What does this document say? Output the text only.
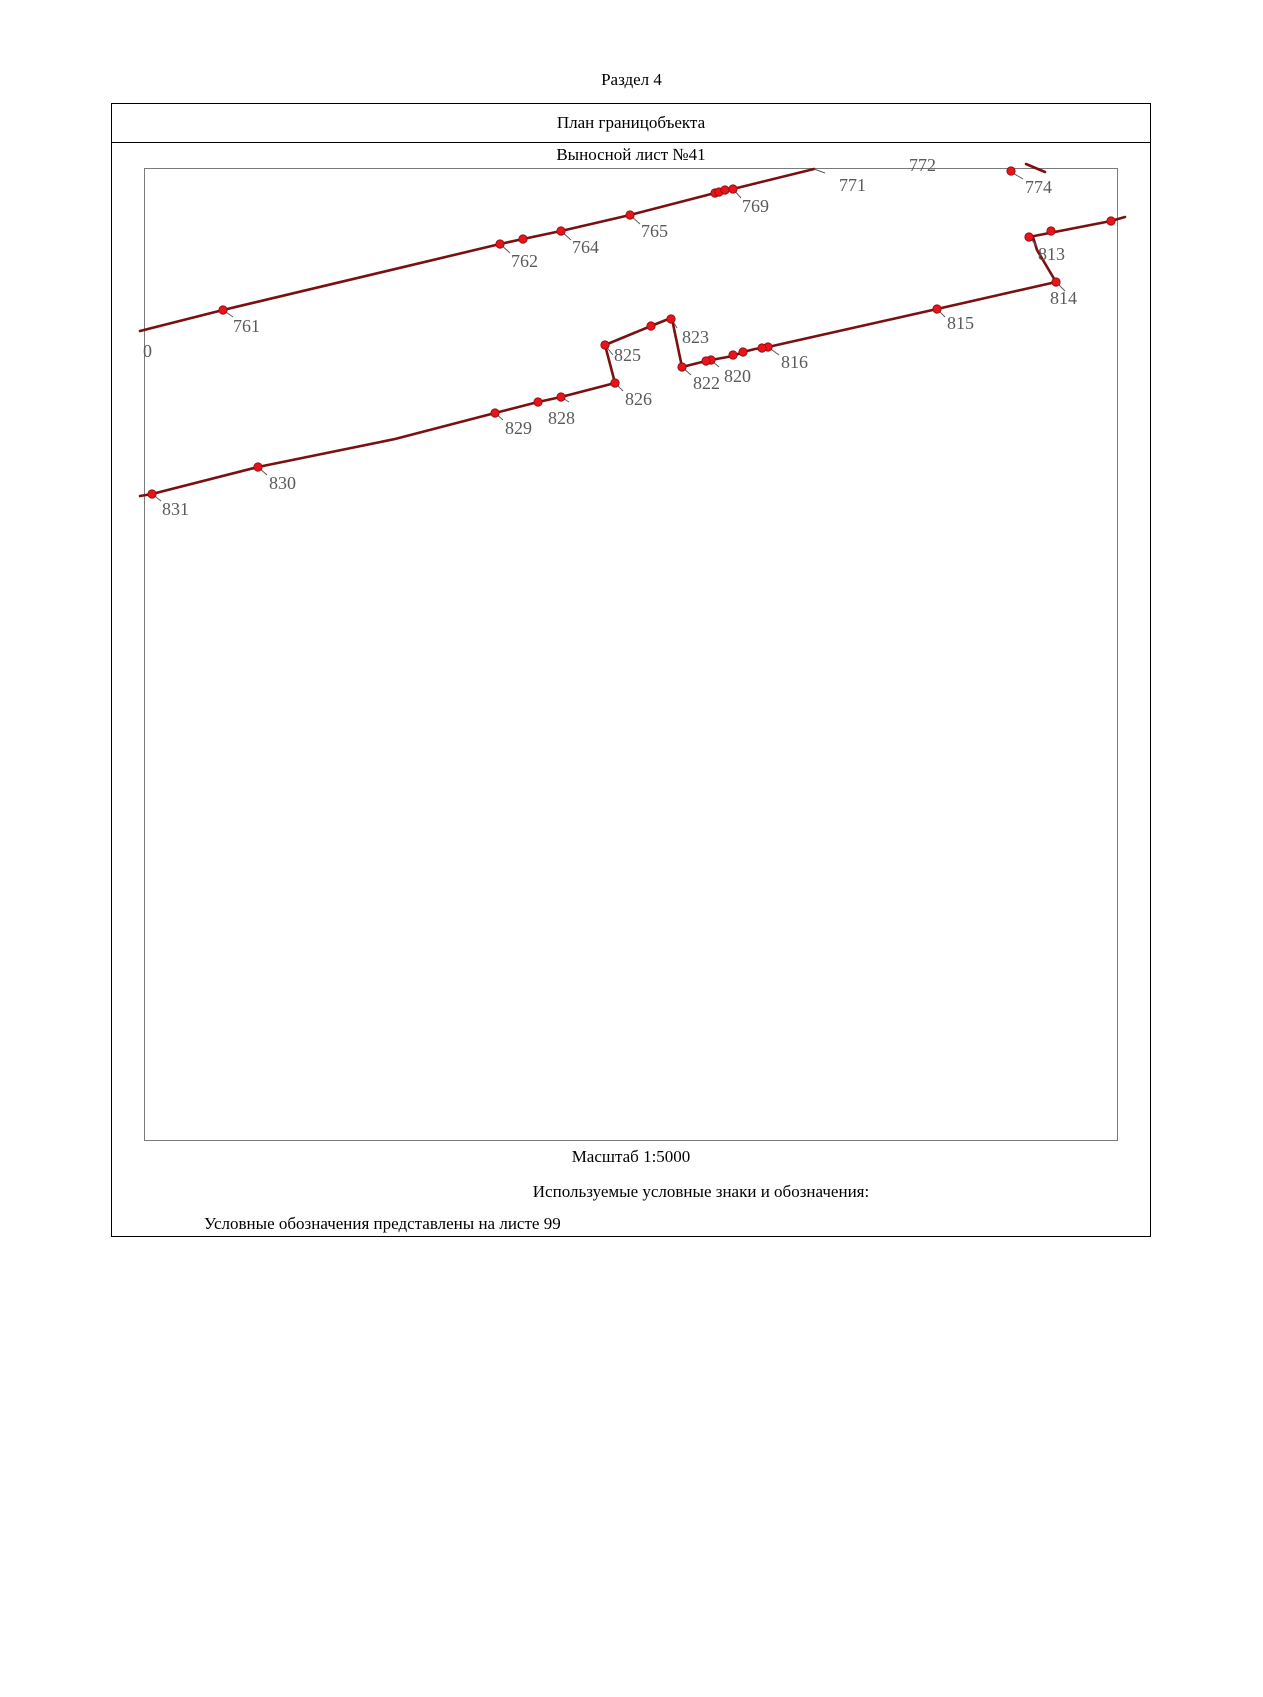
Раздел 4
План границобъекта
Выносной лист №41
0
761
762
764
765
769
771
772
774
813
814
815
816
820
822
823
825
826
828
829
830
831
Масштаб 1:5000
Используемые условные знаки и обозначения:
Условные обозначения представлены на листе 99
